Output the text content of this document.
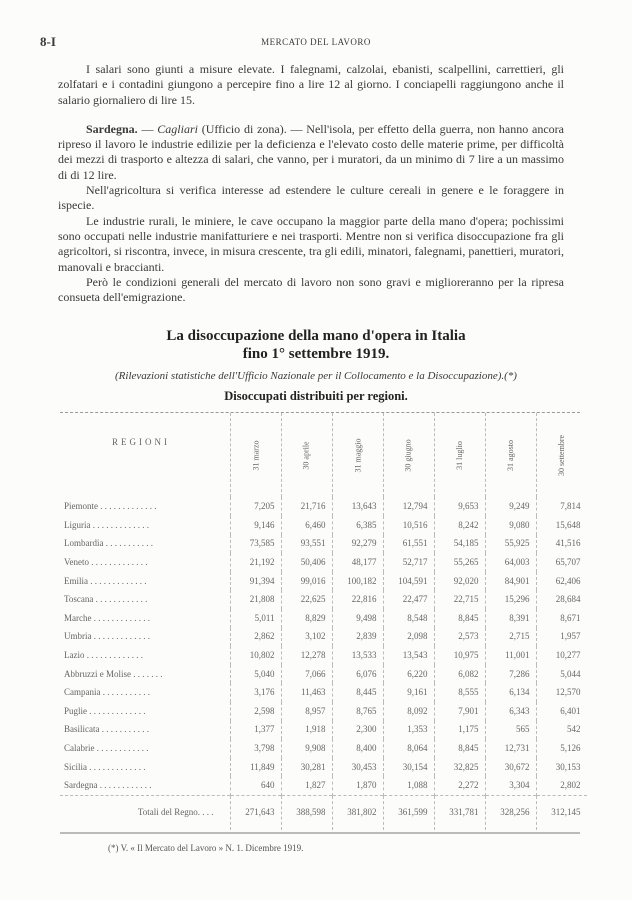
8-I	MERCATO DEL LAVORO

I salari sono giunti a misure elevate. I falegnami, calzolai, ebanisti, scalpellini, carrettieri, gli zolfatari e i contadini giungono a percepire fino a lire 12 al giorno. I conciapelli raggiungono anche il salario giornaliero di lire 15.

Sardegna. — Cagliari (Ufficio di zona). — Nell'isola, per effetto della guerra, non hanno ancora ripreso il lavoro le industrie edilizie per la deficienza e l'elevato costo delle materie prime, per difficoltà dei mezzi di trasporto e altezza di salari, che vanno, per i muratori, da un minimo di 7 lire a un massimo di di 12 lire.

Nell'agricoltura si verifica interesse ad estendere le culture cereali in genere e le foraggere in ispecie.

Le industrie rurali, le miniere, le cave occupano la maggior parte della mano d'opera; pochissimi sono occupati nelle industrie manifatturiere e nei trasporti. Mentre non si verifica disoccupazione fra gli agricoltori, si riscontra, invece, in misura crescente, tra gli edili, minatori, falegnami, panettieri, muratori, manovali e braccianti.

Però le condizioni generali del mercato di lavoro non sono gravi e miglioreranno per la ripresa consueta dell'emigrazione.

La disoccupazione della mano d'opera in Italia
fino 1° settembre 1919.
(Rilevazioni statistiche dell'Ufficio Nazionale per il Collocamento e la Disoccupazione).(*)
Disoccupati distribuiti per regioni.
REGIONI	31 marzo	30 aprile	31 maggio	30 giugno	31 luglio	31 agosto	30 settembre
Piemonte . . . . . . . . . . . . .	7,205	21,716	13,643	12,794	9,653	9,249	7,814
Liguria . . . . . . . . . . . . .	9,146	6,460	6,385	10,516	8,242	9,080	15,648
Lombardia . . . . . . . . . . .	73,585	93,551	92,279	61,551	54,185	55,925	41,516
Veneto . . . . . . . . . . . . .	21,192	50,406	48,177	52,717	55,265	64,003	65,707
Emilia . . . . . . . . . . . . .	91,394	99,016	100,182	104,591	92,020	84,901	62,406
Toscana . . . . . . . . . . . .	21,808	22,625	22,816	22,477	22,715	15,296	28,684
Marche . . . . . . . . . . . . .	5,011	8,829	9,498	8,548	8,845	8,391	8,671
Umbria . . . . . . . . . . . . .	2,862	3,102	2,839	2,098	2,573	2,715	1,957
Lazio . . . . . . . . . . . . .	10,802	12,278	13,533	13,543	10,975	11,001	10,277
Abbruzzi e Molise . . . . . . .	5,040	7,066	6,076	6,220	6,082	7,286	5,044
Campania . . . . . . . . . . .	3,176	11,463	8,445	9,161	8,555	6,134	12,570
Puglie . . . . . . . . . . . . .	2,598	8,957	8,765	8,092	7,901	6,343	6,401
Basilicata . . . . . . . . . . .	1,377	1,918	2,300	1,353	1,175	565	542
Calabrie . . . . . . . . . . . .	3,798	9,908	8,400	8,064	8,845	12,731	5,126
Sicilia . . . . . . . . . . . . .	11,849	30,281	30,453	30,154	32,825	30,672	30,153
Sardegna . . . . . . . . . . . .	640	1,827	1,870	1,088	2,272	3,304	2,802
Totali del Regno. . . .	271,643	388,598	381,802	361,599	331,781	328,256	312,145
(*) V. « Il Mercato del Lavoro » N. 1. Dicembre 1919.
